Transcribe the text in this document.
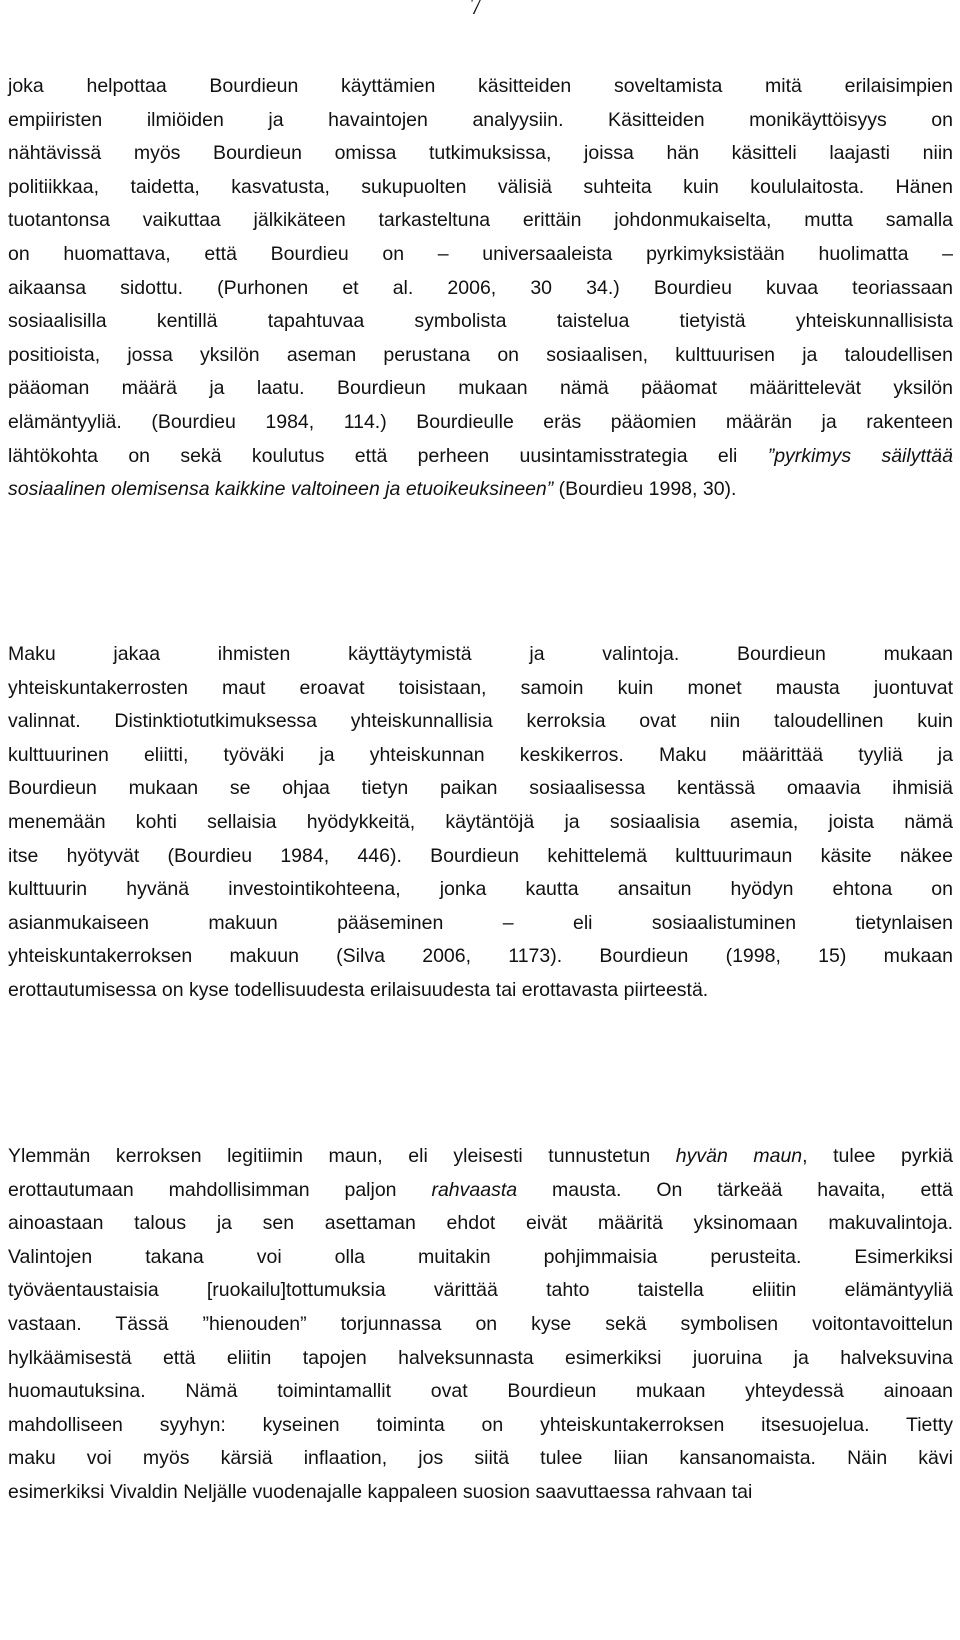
7
joka helpottaa Bourdieun käyttämien käsitteiden soveltamista mitä erilaisimpien
empiiristen ilmiöiden ja havaintojen analyysiin. Käsitteiden monikäyttöisyys on
nähtävissä myös Bourdieun omissa tutkimuksissa, joissa hän käsitteli laajasti niin
politiikkaa, taidetta, kasvatusta, sukupuolten välisiä suhteita kuin koululaitosta. Hänen
tuotantonsa vaikuttaa jälkikäteen tarkasteltuna erittäin johdonmukaiselta, mutta samalla
on huomattava, että Bourdieu on – universaaleista pyrkimyksistään huolimatta –
aikaansa sidottu. (Purhonen et al. 2006, 30 34.) Bourdieu kuvaa teoriassaan
sosiaalisilla kentillä tapahtuvaa symbolista taistelua tietyistä yhteiskunnallisista
positioista, jossa yksilön aseman perustana on sosiaalisen, kulttuurisen ja taloudellisen
pääoman määrä ja laatu. Bourdieun mukaan nämä pääomat määrittelevät yksilön
elämäntyyliä. (Bourdieu 1984, 114.) Bourdieulle eräs pääomien määrän ja rakenteen
lähtökohta on sekä koulutus että perheen uusintamisstrategia eli ”pyrkimys säilyttää
sosiaalinen olemisensa kaikkine valtoineen ja etuoikeuksineen” (Bourdieu 1998, 30).
Maku jakaa ihmisten käyttäytymistä ja valintoja. Bourdieun mukaan
yhteiskuntakerrosten maut eroavat toisistaan, samoin kuin monet mausta juontuvat
valinnat. Distinktiotutkimuksessa yhteiskunnallisia kerroksia ovat niin taloudellinen kuin
kulttuurinen eliitti, työväki ja yhteiskunnan keskikerros. Maku määrittää tyyliä ja
Bourdieun mukaan se ohjaa tietyn paikan sosiaalisessa kentässä omaavia ihmisiä
menemään kohti sellaisia hyödykkeitä, käytäntöjä ja sosiaalisia asemia, joista nämä
itse hyötyvät (Bourdieu 1984, 446). Bourdieun kehittelemä kulttuurimaun käsite näkee
kulttuurin hyvänä investointikohteena, jonka kautta ansaitun hyödyn ehtona on
asianmukaiseen makuun pääseminen – eli sosiaalistuminen tietynlaisen
yhteiskuntakerroksen makuun (Silva 2006, 1173). Bourdieun (1998, 15) mukaan
erottautumisessa on kyse todellisuudesta erilaisuudesta tai erottavasta piirteestä.
Ylemmän kerroksen legitiimin maun, eli yleisesti tunnustetun hyvän maun, tulee pyrkiä
erottautumaan mahdollisimman paljon rahvaasta mausta. On tärkeää havaita, että
ainoastaan talous ja sen asettaman ehdot eivät määritä yksinomaan makuvalintoja.
Valintojen takana voi olla muitakin pohjimmaisia perusteita. Esimerkiksi
työväentaustaisia [ruokailu]tottumuksia värittää tahto taistella eliitin elämäntyyliä
vastaan. Tässä ”hienouden” torjunnassa on kyse sekä symbolisen voitontavoittelun
hylkäämisestä että eliitin tapojen halveksunnasta esimerkiksi juoruina ja halveksuvina
huomautuksina. Nämä toimintamallit ovat Bourdieun mukaan yhteydessä ainoaan
mahdolliseen syyhyn: kyseinen toiminta on yhteiskuntakerroksen itsesuojelua. Tietty
maku voi myös kärsiä inflaation, jos siitä tulee liian kansanomaista. Näin kävi
esimerkiksi Vivaldin Neljälle vuodenajalle kappaleen suosion saavuttaessa rahvaan tai
